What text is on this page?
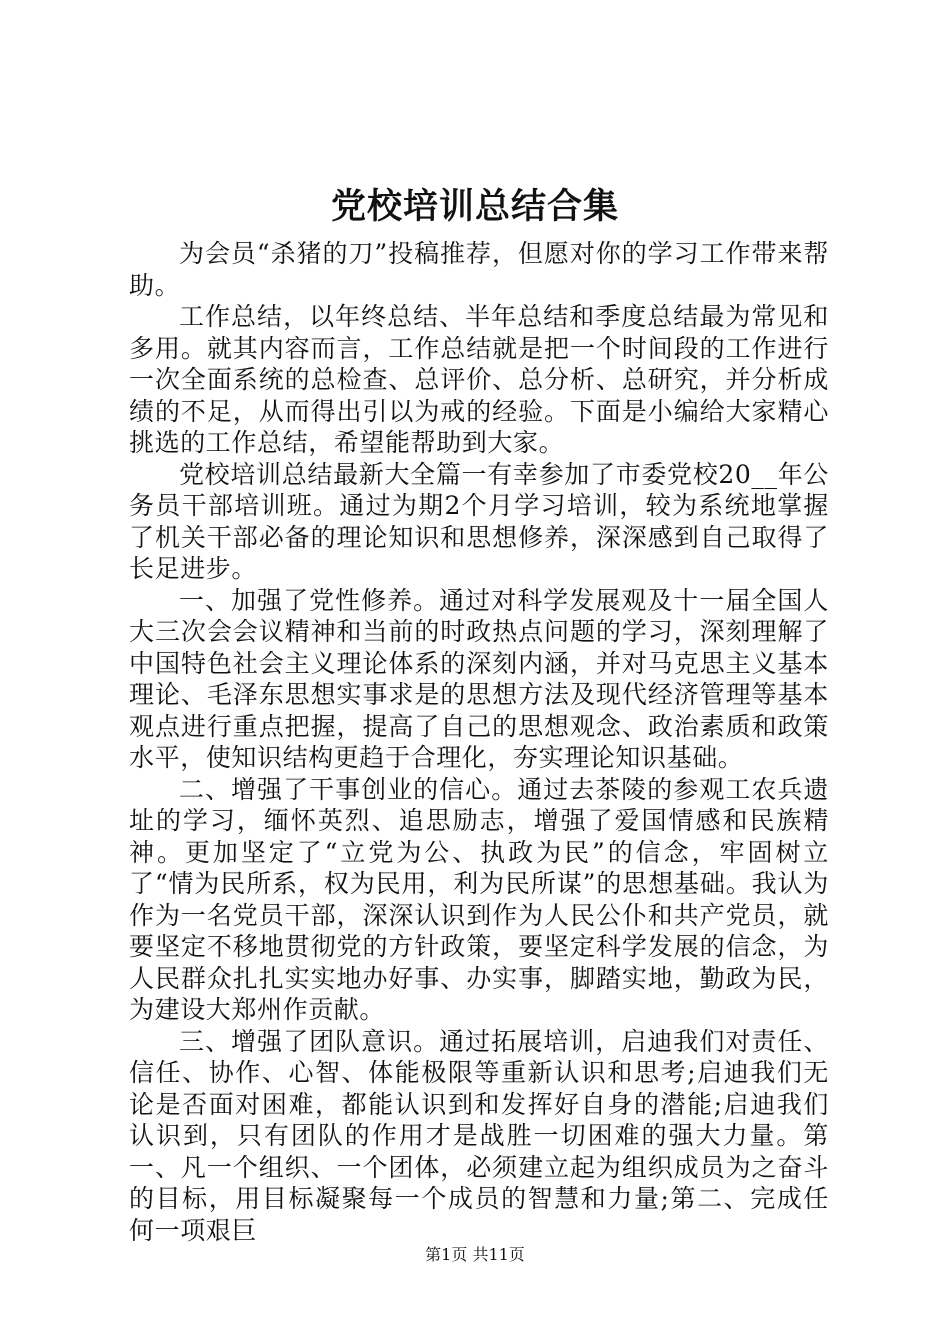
党校培训总结合集

为会员“杀猪的刀”投稿推荐，但愿对你的学习工作带来帮助。

工作总结，以年终总结、半年总结和季度总结最为常见和多用。就其内容而言，工作总结就是把一个时间段的工作进行一次全面系统的总检查、总评价、总分析、总研究，并分析成绩的不足，从而得出引以为戒的经验。下面是小编给大家精心挑选的工作总结，希望能帮助到大家。

党校培训总结最新大全篇一有幸参加了市委党校20__年公务员干部培训班。通过为期2个月学习培训，较为系统地掌握了机关干部必备的理论知识和思想修养，深深感到自己取得了长足进步。

一、加强了党性修养。通过对科学发展观及十一届全国人大三次会会议精神和当前的时政热点问题的学习，深刻理解了中国特色社会主义理论体系的深刻内涵，并对马克思主义基本理论、毛泽东思想实事求是的思想方法及现代经济管理等基本观点进行重点把握，提高了自己的思想观念、政治素质和政策水平，使知识结构更趋于合理化，夯实理论知识基础。

二、增强了干事创业的信心。通过去茶陵的参观工农兵遗址的学习，缅怀英烈、追思励志，增强了爱国情感和民族精神。更加坚定了“立党为公、执政为民”的信念，牢固树立了“情为民所系，权为民用，利为民所谋”的思想基础。我认为作为一名党员干部，深深认识到作为人民公仆和共产党员，就要坚定不移地贯彻党的方针政策，要坚定科学发展的信念，为人民群众扎扎实实地办好事、办实事，脚踏实地，勤政为民，为建设大郑州作贡献。

三、增强了团队意识。通过拓展培训，启迪我们对责任、信任、协作、心智、体能极限等重新认识和思考;启迪我们无论是否面对困难，都能认识到和发挥好自身的潜能;启迪我们认识到，只有团队的作用才是战胜一切困难的强大力量。第一、凡一个组织、一个团体，必须建立起为组织成员为之奋斗的目标，用目标凝聚每一个成员的智慧和力量;第二、完成任何一项艰巨

第1页 共11页
